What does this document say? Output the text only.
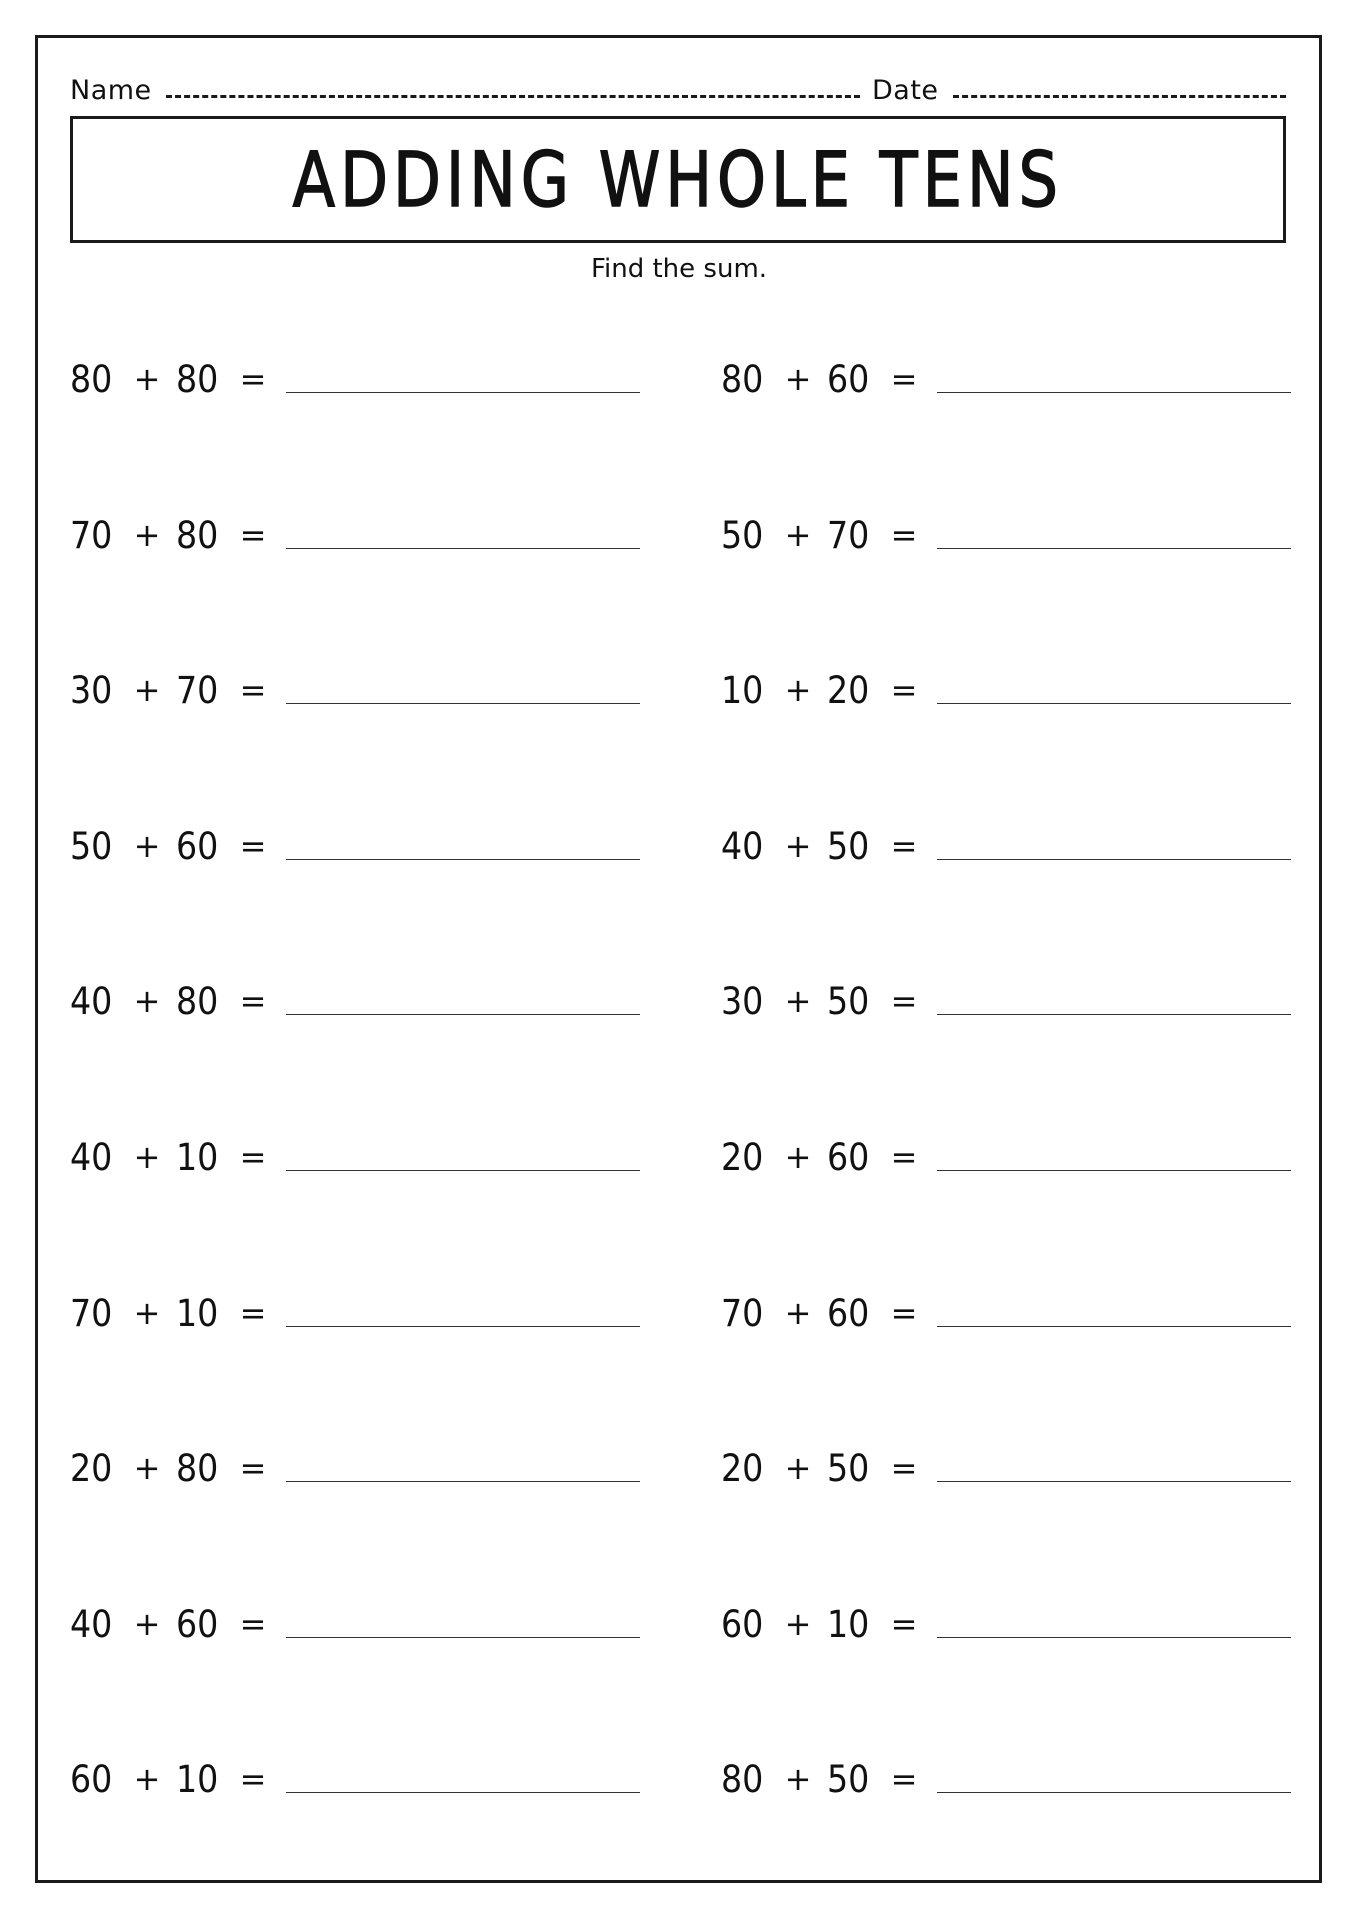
Name	Date
ADDING WHOLE TENS
Find the sum.
80 + 80 =
70 + 80 =
30 + 70 =
50 + 60 =
40 + 80 =
40 + 10 =
70 + 10 =
20 + 80 =
40 + 60 =
60 + 10 =
80 + 60 =
50 + 70 =
10 + 20 =
40 + 50 =
30 + 50 =
20 + 60 =
70 + 60 =
20 + 50 =
60 + 10 =
80 + 50 =
